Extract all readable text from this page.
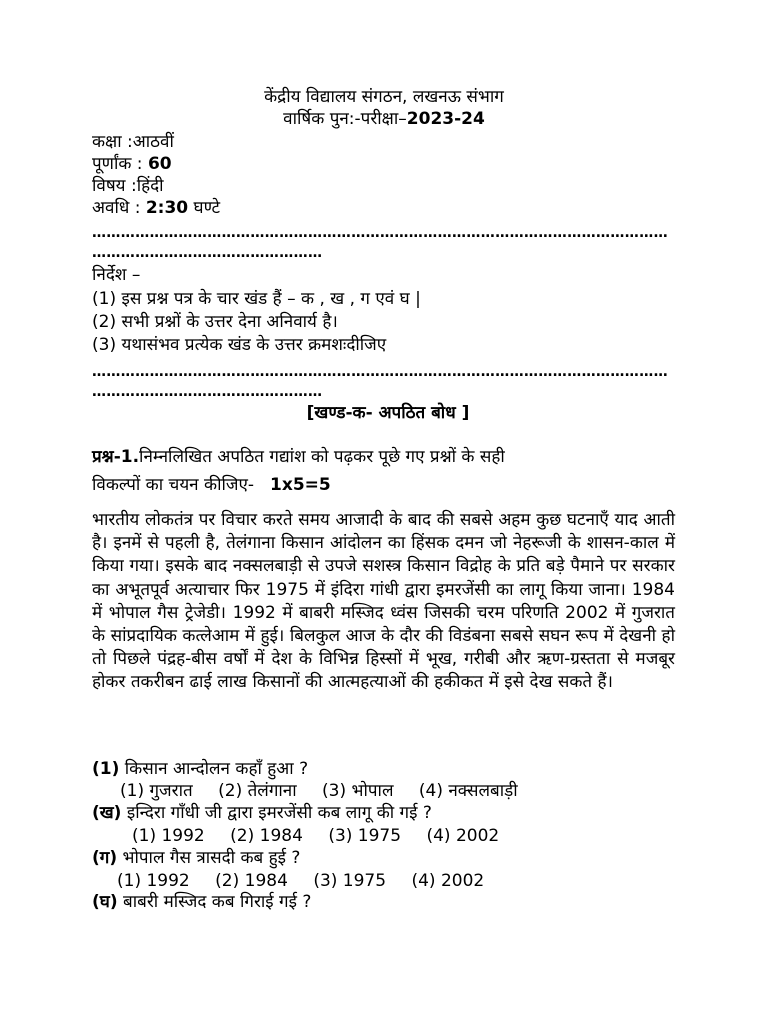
केंद्रीय विद्यालय संगठन, लखनऊ संभाग
वार्षिक पुन:-परीक्षा–2023-24
कक्षा :आठवीं
पूर्णांक : 60
विषय :हिंदी
अवधि : 2:30 घण्टे
…………………………………………………………………………………………………………
…………………………………………
निर्देश –
(1) इस प्रश्न पत्र के चार खंड हैं – क , ख , ग एवं घ |
(2) सभी प्रश्नों के उत्तर देना अनिवार्य है।
(3) यथासंभव प्रत्येक खंड के उत्तर क्रमशःदीजिए
…………………………………………………………………………………………………………
…………………………………………
[खण्ड-क- अपठित बोध ]
प्रश्न-1.निम्नलिखित अपठित गद्यांश को पढ़कर पूछे गए प्रश्नों के सही
विकल्पों का चयन कीजिए- 1x5=5

भारतीय लोकतंत्र पर विचार करते समय आजादी के बाद की सबसे अहम कुछ घटनाएँ याद आती है। इनमें से पहली है, तेलंगाना किसान आंदोलन का हिंसक दमन जो नेहरूजी के शासन-काल में किया गया। इसके बाद नक्सलबाड़ी से उपजे सशस्त्र किसान विद्रोह के प्रति बड़े पैमाने पर सरकार का अभूतपूर्व अत्याचार फिर 1975 में इंदिरा गांधी द्वारा इमरजेंसी का लागू किया जाना। 1984 में भोपाल गैस ट्रेजेडी। 1992 में बाबरी मस्जिद ध्वंस जिसकी चरम परिणति 2002 में गुजरात के सांप्रदायिक कत्लेआम में हुई। बिलकुल आज के दौर की विडंबना सबसे सघन रूप में देखनी हो तो पिछले पंद्रह-बीस वर्षों में देश के विभिन्न हिस्सों में भूख, गरीबी और ऋण-ग्रस्तता से मजबूर होकर तकरीबन ढाई लाख किसानों की आत्महत्याओं की हकीकत में इसे देख सकते हैं।

(1) किसान आन्दोलन कहाँ हुआ ?
(1) गुजरात (2) तेलंगाना (3) भोपाल (4) नक्सलबाड़ी
(ख) इन्दिरा गाँधी जी द्वारा इमरजेंसी कब लागू की गई ?
(1) 1992 (2) 1984 (3) 1975 (4) 2002
(ग) भोपाल गैस त्रासदी कब हुई ?
(1) 1992 (2) 1984 (3) 1975 (4) 2002
(घ) बाबरी मस्जिद कब गिराई गई ?
